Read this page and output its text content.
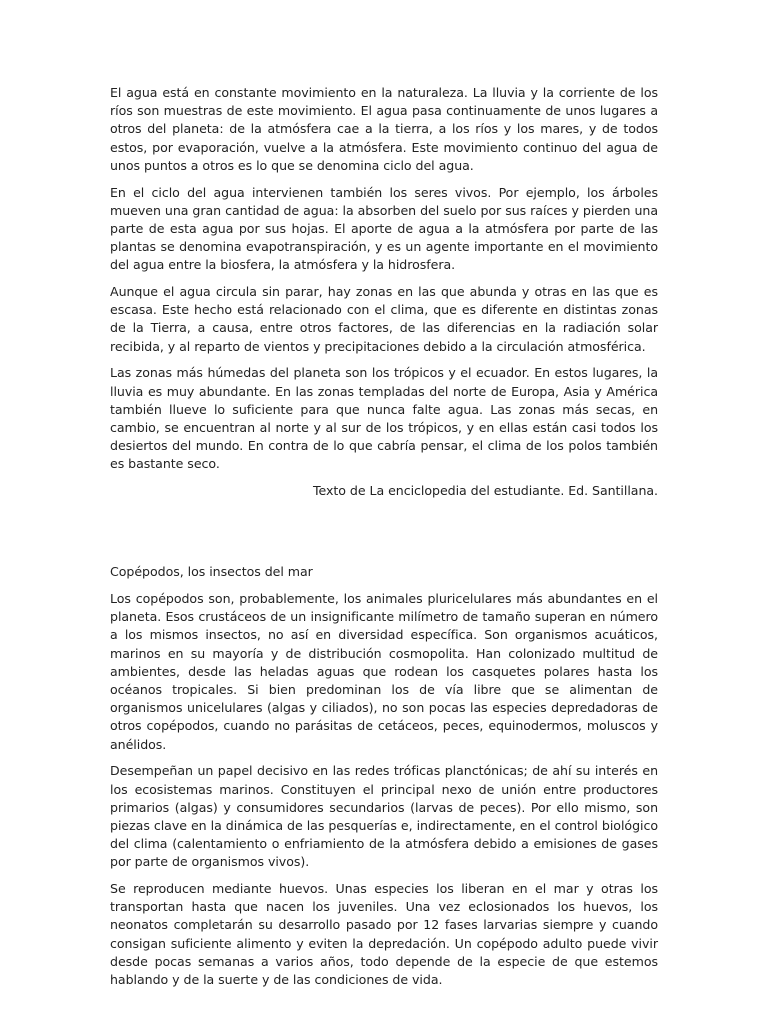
El agua está en constante movimiento en la naturaleza. La lluvia y la corriente de los ríos son muestras de este movimiento. El agua pasa continuamente de unos lugares a otros del planeta: de la atmósfera cae a la tierra, a los ríos y los mares, y de todos estos, por evaporación, vuelve a la atmósfera. Este movimiento continuo del agua de unos puntos a otros es lo que se denomina ciclo del agua.

En el ciclo del agua intervienen también los seres vivos. Por ejemplo, los árboles mueven una gran cantidad de agua: la absorben del suelo por sus raíces y pierden una parte de esta agua por sus hojas. El aporte de agua a la atmósfera por parte de las plantas se denomina evapotranspiración, y es un agente importante en el movimiento del agua entre la biosfera, la atmósfera y la hidrosfera.

Aunque el agua circula sin parar, hay zonas en las que abunda y otras en las que es escasa. Este hecho está relacionado con el clima, que es diferente en distintas zonas de la Tierra, a causa, entre otros factores, de las diferencias en la radiación solar recibida, y al reparto de vientos y precipitaciones debido a la circulación atmosférica.

Las zonas más húmedas del planeta son los trópicos y el ecuador. En estos lugares, la lluvia es muy abundante. En las zonas templadas del norte de Europa, Asia y América también llueve lo suficiente para que nunca falte agua. Las zonas más secas, en cambio, se encuentran al norte y al sur de los trópicos, y en ellas están casi todos los desiertos del mundo. En contra de lo que cabría pensar, el clima de los polos también es bastante seco.

Texto de La enciclopedia del estudiante. Ed. Santillana.

Copépodos, los insectos del mar

Los copépodos son, probablemente, los animales pluricelulares más abundantes en el planeta. Esos crustáceos de un insignificante milímetro de tamaño superan en número a los mismos insectos, no así en diversidad específica. Son organismos acuáticos, marinos en su mayoría y de distribución cosmopolita. Han colonizado multitud de ambientes, desde las heladas aguas que rodean los casquetes polares hasta los océanos tropicales. Si bien predominan los de vía libre que se alimentan de organismos unicelulares (algas y ciliados), no son pocas las especies depredadoras de otros copépodos, cuando no parásitas de cetáceos, peces, equinodermos, moluscos y anélidos.

Desempeñan un papel decisivo en las redes tróficas planctónicas; de ahí su interés en los ecosistemas marinos. Constituyen el principal nexo de unión entre productores primarios (algas) y consumidores secundarios (larvas de peces). Por ello mismo, son piezas clave en la dinámica de las pesquerías e, indirectamente, en el control biológico del clima (calentamiento o enfriamiento de la atmósfera debido a emisiones de gases por parte de organismos vivos).

Se reproducen mediante huevos. Unas especies los liberan en el mar y otras los transportan hasta que nacen los juveniles. Una vez eclosionados los huevos, los neonatos completarán su desarrollo pasado por 12 fases larvarias siempre y cuando consigan suficiente alimento y eviten la depredación. Un copépodo adulto puede vivir desde pocas semanas a varios años, todo depende de la especie de que estemos hablando y de la suerte y de las condiciones de vida.
